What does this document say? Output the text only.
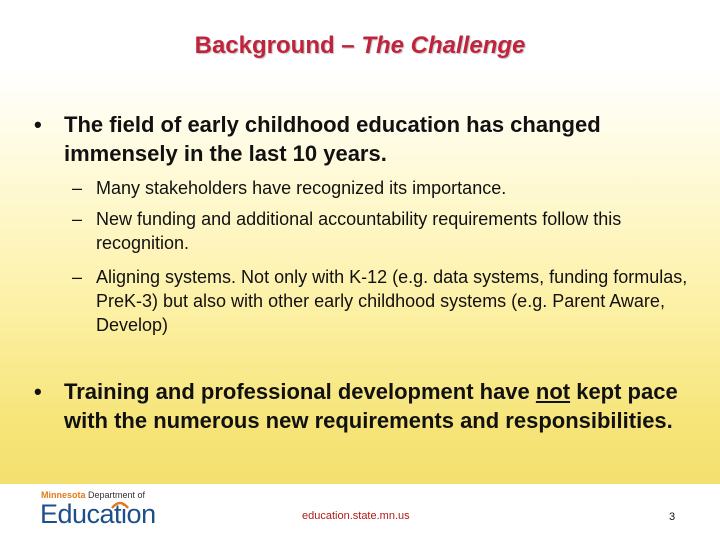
Background – The Challenge
• The field of early childhood education has changed immensely in the last 10 years.
– Many stakeholders have recognized its importance.
– New funding and additional accountability requirements follow this recognition.
– Aligning systems. Not only with K-12 (e.g. data systems, funding formulas, PreK-3) but also with other early childhood systems (e.g. Parent Aware, Develop)
• Training and professional development have not kept pace with the numerous new requirements and responsibilities.
Minnesota Department of
Education	education.state.mn.us	3
